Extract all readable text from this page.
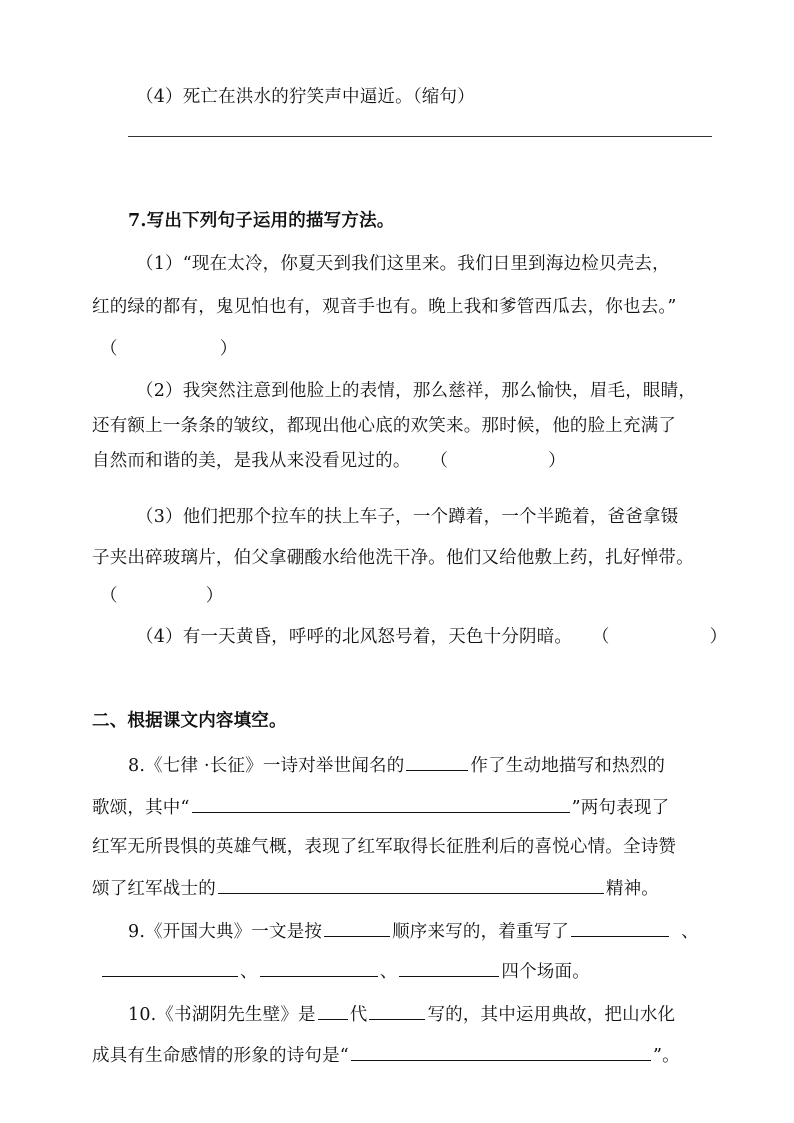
（4）死亡在洪水的狞笑声中逼近。（缩句）
7.写出下列句子运用的描写方法。
（1）“现在太冷，你夏天到我们这里来。我们日里到海边检贝壳去，
红的绿的都有，鬼见怕也有，观音手也有。晚上我和爹管西瓜去，你也去。”
（	）
（2）我突然注意到他脸上的表情，那么慈祥，那么愉快，眉毛，眼睛，
还有额上一条条的皱纹，都现出他心底的欢笑来。那时候，他的脸上充满了
自然而和谐的美，是我从来没看见过的。 （	）
（3）他们把那个拉车的扶上车子，一个蹲着，一个半跪着，爸爸拿镊
子夹出碎玻璃片，伯父拿硼酸水给他洗干净。他们又给他敷上药，扎好惮带。
（	）
（4）有一天黄昏，呼呼的北风怒号着，天色十分阴暗。 （	）
二、根据课文内容填空。
8.《七律 ·长征》一诗对举世闻名的	作了生动地描写和热烈的
歌颂，其中“	”两句表现了
红军无所畏惧的英雄气概，表现了红军取得长征胜利后的喜悦心情。全诗赞
颂了红军战士的	精神。
9.《开国大典》一文是按	顺序来写的，着重写了	、
、	、	四个场面。
10.《书湖阴先生壁》是 代	写的，其中运用典故，把山水化
成具有生命感情的形象的诗句是“	”。
